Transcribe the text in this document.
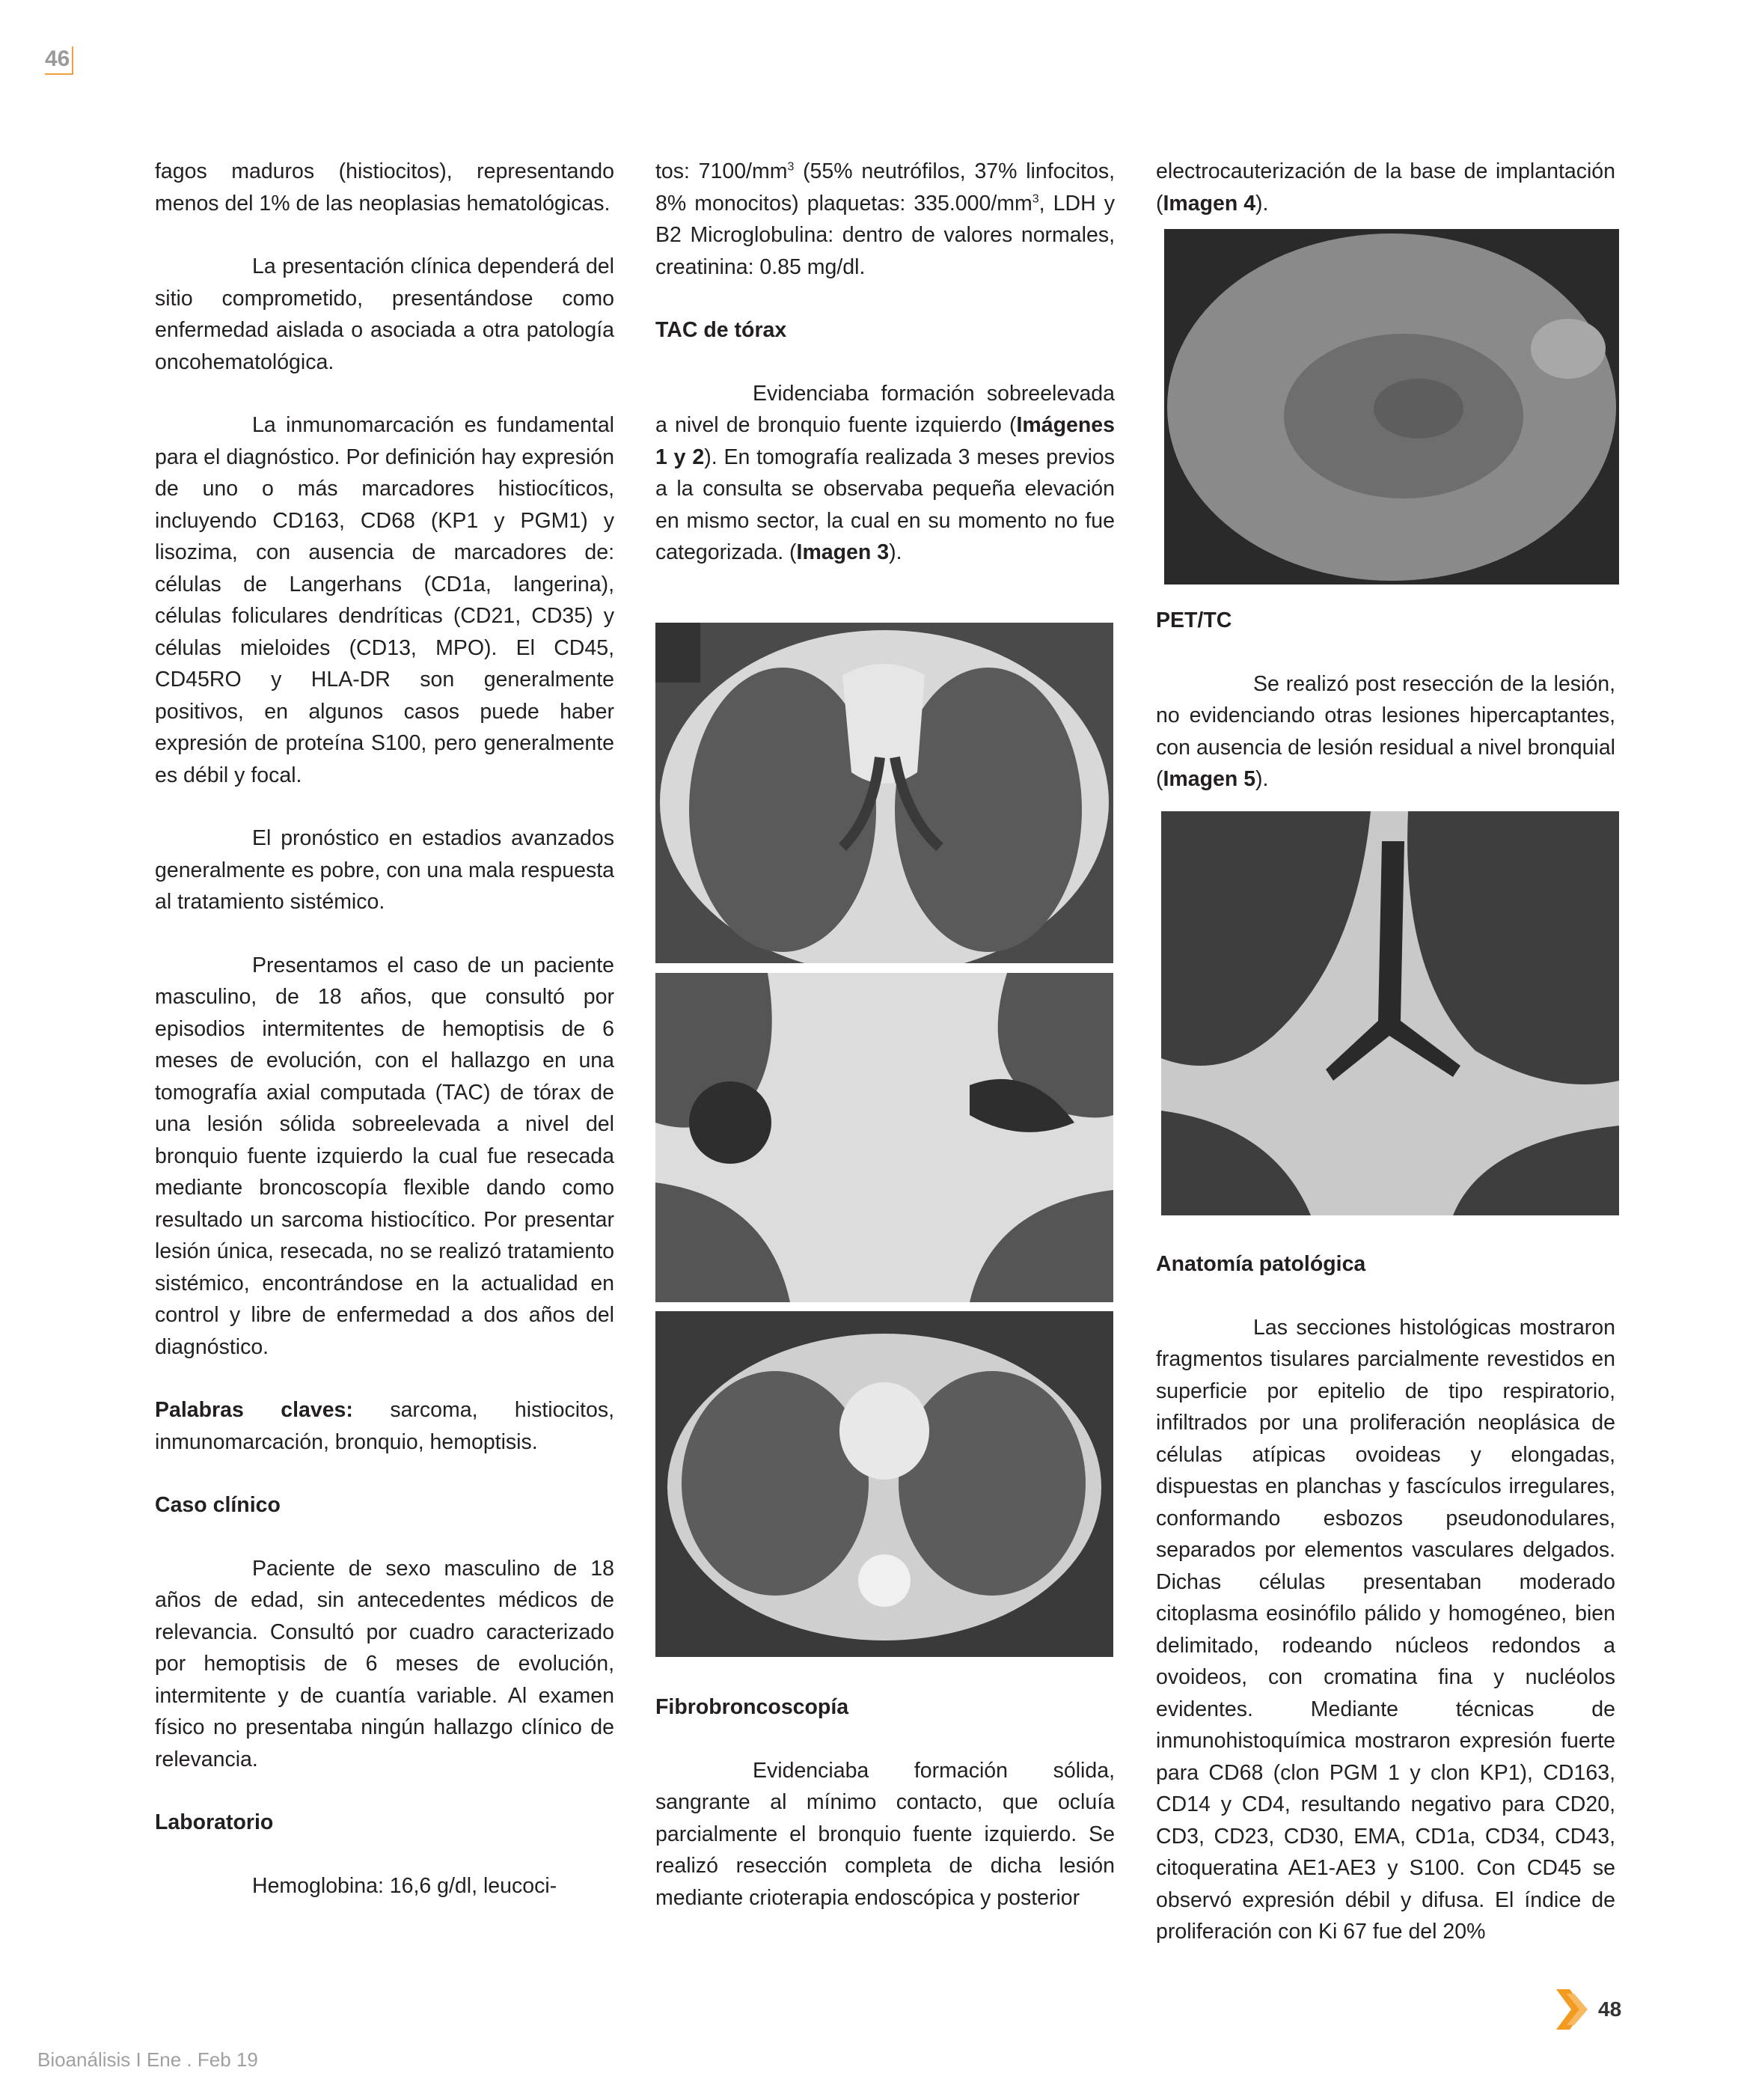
46

fagos maduros (histiocitos), representando menos del 1% de las neoplasias hematológicas.

La presentación clínica dependerá del sitio comprometido, presentándose como enfermedad aislada o asociada a otra patología oncohematológica.

La inmunomarcación es fundamental para el diagnóstico. Por definición hay expresión de uno o más marcadores histiocíticos, incluyendo CD163, CD68 (KP1 y PGM1) y lisozima, con ausencia de marcadores de: células de Langerhans (CD1a, langerina), células foliculares dendríticas (CD21, CD35) y células mieloides (CD13, MPO). El CD45, CD45RO y HLA-DR son generalmente positivos, en algunos casos puede haber expresión de proteína S100, pero generalmente es débil y focal.

El pronóstico en estadios avanzados generalmente es pobre, con una mala respuesta al tratamiento sistémico.

Presentamos el caso de un paciente masculino, de 18 años, que consultó por episodios intermitentes de hemoptisis de 6 meses de evolución, con el hallazgo en una tomografía axial computada (TAC) de tórax de una lesión sólida sobreelevada a nivel del bronquio fuente izquierdo la cual fue resecada mediante broncoscopía flexible dando como resultado un sarcoma histiocítico. Por presentar lesión única, resecada, no se realizó tratamiento sistémico, encontrándose en la actualidad en control y libre de enfermedad a dos años del diagnóstico.

Palabras claves: sarcoma, histiocitos, inmunomarcación, bronquio, hemoptisis.

Caso clínico

Paciente de sexo masculino de 18 años de edad, sin antecedentes médicos de relevancia. Consultó por cuadro caracterizado por hemoptisis de 6 meses de evolución, intermitente y de cuantía variable. Al examen físico no presentaba ningún hallazgo clínico de relevancia.

Laboratorio

Hemoglobina: 16,6 g/dl, leucoci-

tos: $7100/mm^3$ (55% neutrófilos, 37% linfocitos, 8% monocitos) plaquetas: $335.000/mm^3$, LDH y B2 Microglobulina: dentro de valores normales, creatinina: 0.85 mg/dl.

TAC de tórax

Evidenciaba formación sobreelevada a nivel de bronquio fuente izquierdo (Imágenes 1 y 2). En tomografía realizada 3 meses previos a la consulta se observaba pequeña elevación en mismo sector, la cual en su momento no fue categorizada. (Imagen 3).

Fibrobroncoscopía

Evidenciaba formación sólida, sangrante al mínimo contacto, que ocluía parcialmente el bronquio fuente izquierdo. Se realizó resección completa de dicha lesión mediante crioterapia endoscópica y posterior

electrocauterización de la base de implantación (Imagen 4).

PET/TC

Se realizó post resección de la lesión, no evidenciando otras lesiones hipercaptantes, con ausencia de lesión residual a nivel bronquial (Imagen 5).

Anatomía patológica

Las secciones histológicas mostraron fragmentos tisulares parcialmente revestidos en superficie por epitelio de tipo respiratorio, infiltrados por una proliferación neoplásica de células atípicas ovoideas y elongadas, dispuestas en planchas y fascículos irregulares, conformando esbozos pseudonodulares, separados por elementos vasculares delgados. Dichas células presentaban moderado citoplasma eosinófilo pálido y homogéneo, bien delimitado, rodeando núcleos redondos a ovoideos, con cromatina fina y nucléolos evidentes. Mediante técnicas de inmunohistoquímica mostraron expresión fuerte para CD68 (clon PGM 1 y clon KP1), CD163, CD14 y CD4, resultando negativo para CD20, CD3, CD23, CD30, EMA, CD1a, CD34, CD43, citoqueratina AE1-AE3 y S100. Con CD45 se observó expresión débil y difusa. El índice de proliferación con Ki 67 fue del 20%

Bioanálisis I Ene . Feb 19
48
